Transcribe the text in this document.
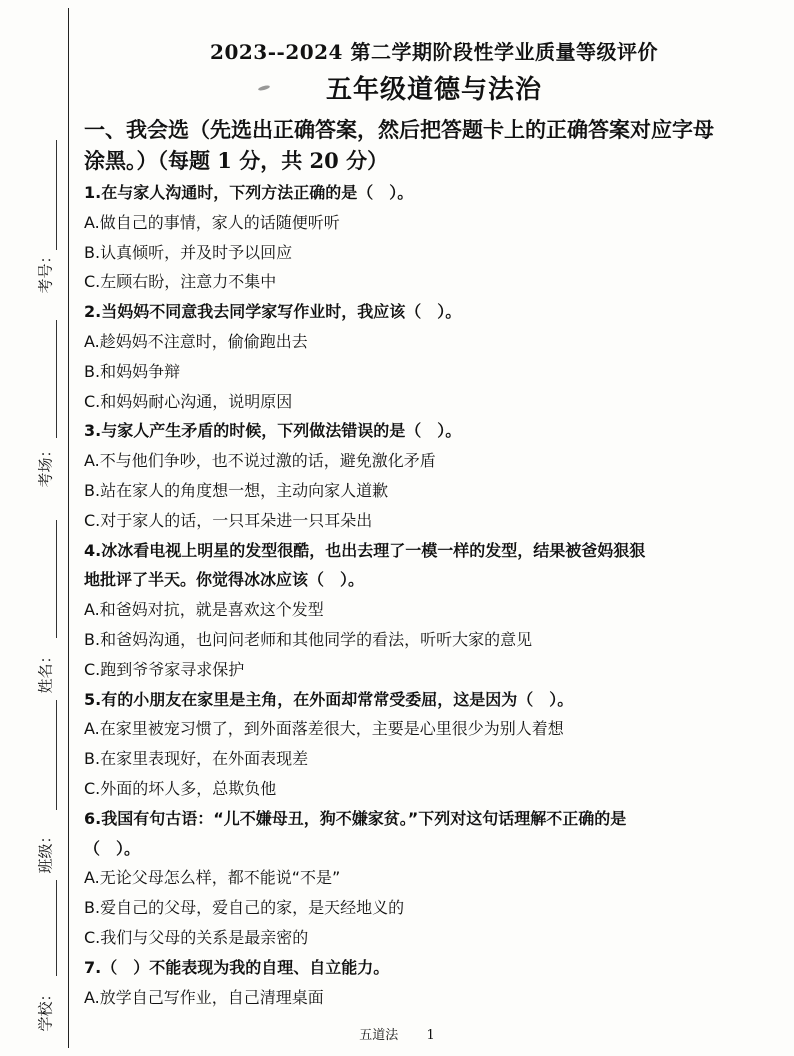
考号：
考场：
姓名：
班级：
学校：
2023--2024 第二学期阶段性学业质量等级评价
五年级道德与法治
一、我会选（先选出正确答案，然后把答题卡上的正确答案对应字母
涂黑。）（每题 1 分，共 20 分）

1.在与家人沟通时，下列方法正确的是（　）。

A.做自己的事情，家人的话随便听听

B.认真倾听，并及时予以回应

C.左顾右盼，注意力不集中

2.当妈妈不同意我去同学家写作业时，我应该（　）。

A.趁妈妈不注意时，偷偷跑出去

B.和妈妈争辩

C.和妈妈耐心沟通，说明原因

3.与家人产生矛盾的时候，下列做法错误的是（　）。

A.不与他们争吵，也不说过激的话，避免激化矛盾

B.站在家人的角度想一想，主动向家人道歉

C.对于家人的话，一只耳朵进一只耳朵出

4.冰冰看电视上明星的发型很酷，也出去理了一模一样的发型，结果被爸妈狠狠

地批评了半天。你觉得冰冰应该（　）。

A.和爸妈对抗，就是喜欢这个发型

B.和爸妈沟通，也问问老师和其他同学的看法，听听大家的意见

C.跑到爷爷家寻求保护

5.有的小朋友在家里是主角，在外面却常常受委屈，这是因为（　）。

A.在家里被宠习惯了，到外面落差很大，主要是心里很少为别人着想

B.在家里表现好，在外面表现差

C.外面的坏人多，总欺负他

6.我国有句古语：“儿不嫌母丑，狗不嫌家贫。”下列对这句话理解不正确的是

（　）。

A.无论父母怎么样，都不能说“不是”

B.爱自己的父母，爱自己的家，是天经地义的

C.我们与父母的关系是最亲密的

7.（　）不能表现为我的自理、自立能力。

A.放学自己写作业，自己清理桌面

五道法 1
